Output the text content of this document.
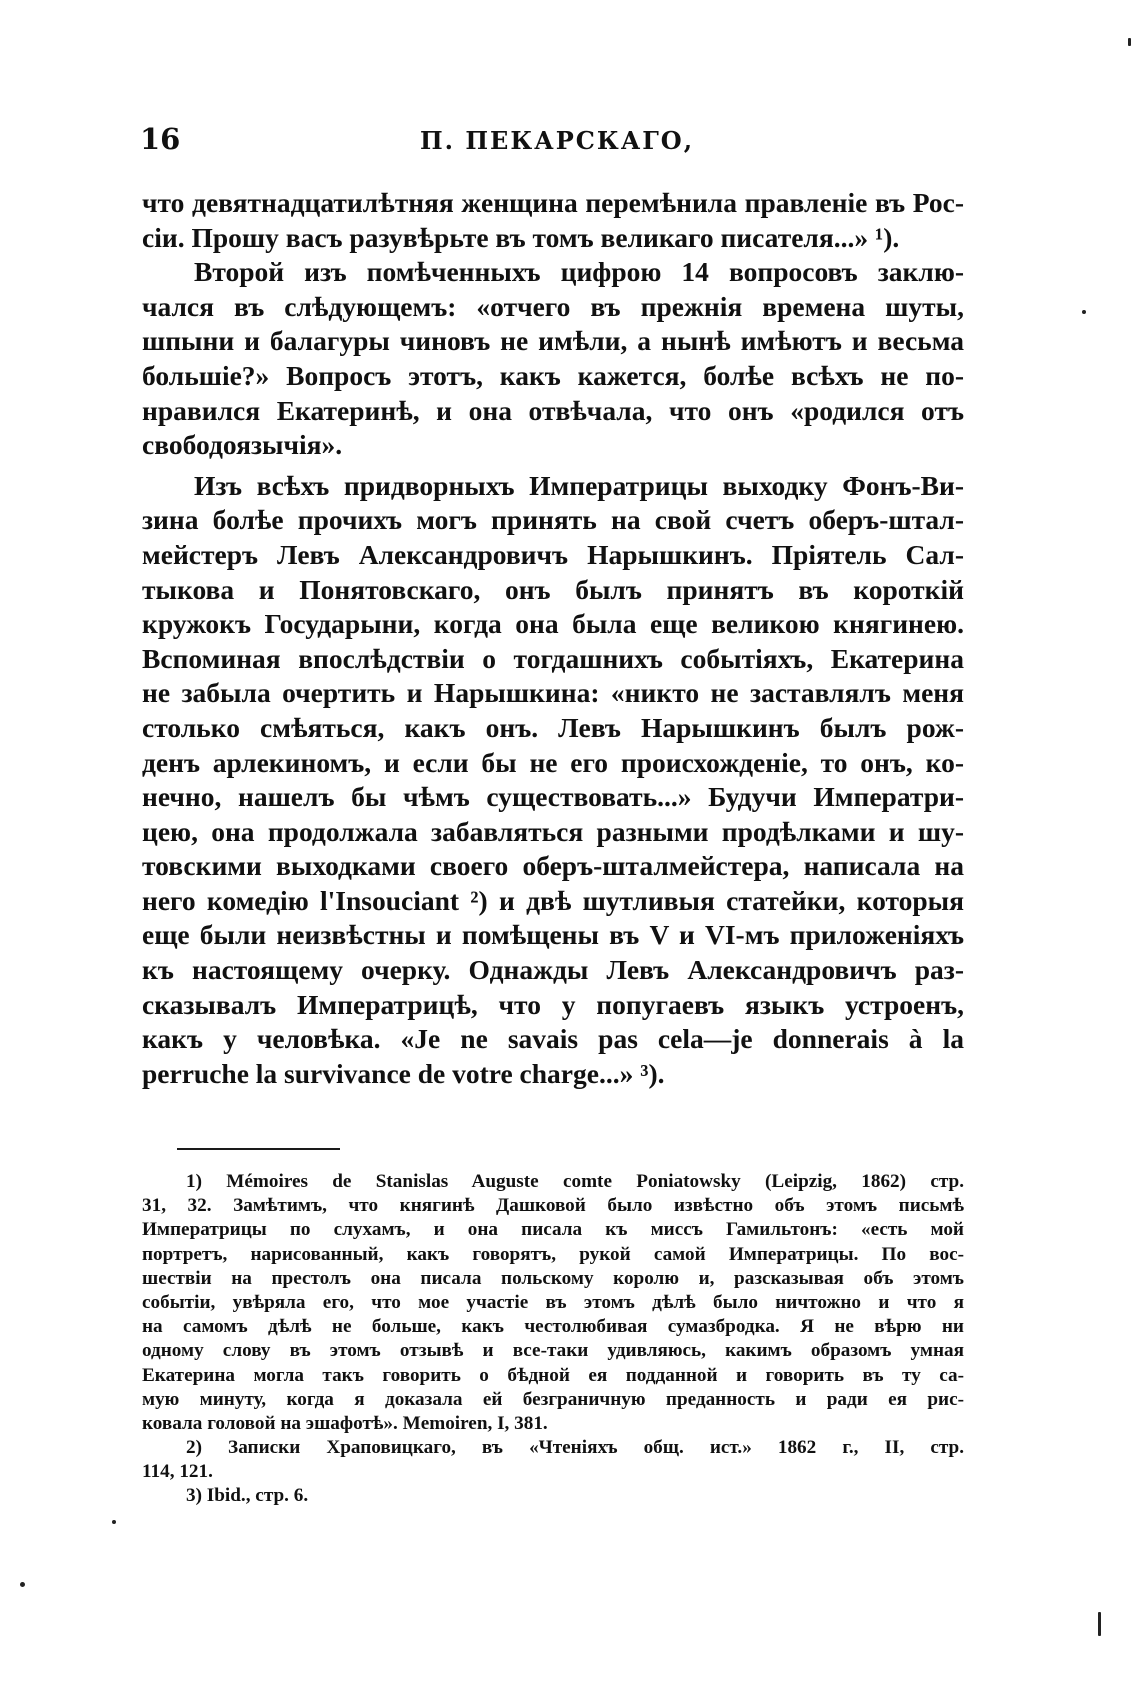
16	П. ПЕКАРСКАГО,
что девятнадцатилѣтняя женщина перемѣнила правленіе въ Рос-
сіи. Прошу васъ разувѣрьте въ томъ великаго писателя...» ¹).
Второй изъ помѣченныхъ цифрою 14 вопросовъ заклю-
чался въ слѣдующемъ: «отчего въ прежнія времена шуты,
шпыни и балагуры чиновъ не имѣли, а нынѣ имѣютъ и весьма
большіе?» Вопросъ этотъ, какъ кажется, болѣе всѣхъ не по-
нравился Екатеринѣ, и она отвѣчала, что онъ «родился отъ
свободоязычія».
Изъ всѣхъ придворныхъ Императрицы выходку Фонъ-Ви-
зина болѣе прочихъ могъ принять на свой счетъ оберъ-штал-
мейстеръ Левъ Александровичъ Нарышкинъ. Пріятель Сал-
тыкова и Понятовскаго, онъ былъ принятъ въ короткій
кружокъ Государыни, когда она была еще великою княгинею.
Вспоминая впослѣдствіи о тогдашнихъ событіяхъ, Екатерина
не забыла очертить и Нарышкина: «никто не заставлялъ меня
столько смѣяться, какъ онъ. Левъ Нарышкинъ былъ рож-
денъ арлекиномъ, и если бы не его происхожденіе, то онъ, ко-
нечно, нашелъ бы чѣмъ существовать...» Будучи Императри-
цею, она продолжала забавляться разными продѣлками и шу-
товскими выходками своего оберъ-шталмейстера, написала на
него комедію l'Insouciant ²) и двѣ шутливыя статейки, которыя
еще были неизвѣстны и помѣщены въ V и VI-мъ приложеніяхъ
къ настоящему очерку. Однажды Левъ Александровичъ раз-
сказывалъ Императрицѣ, что у попугаевъ языкъ устроенъ,
какъ у человѣка. «Je ne savais pas cela—je donnerais à la
perruche la survivance de votre charge...» ³).
1) Mémoires de Stanislas Auguste comte Poniatowsky (Leipzig, 1862) стр.
31, 32. Замѣтимъ, что княгинѣ Дашковой было извѣстно объ этомъ письмѣ
Императрицы по слухамъ, и она писала къ миссъ Гамильтонъ: «есть мой
портретъ, нарисованный, какъ говорятъ, рукой самой Императрицы. По вос-
шествіи на престолъ она писала польскому королю и, разсказывая объ этомъ
событіи, увѣряла его, что мое участіе въ этомъ дѣлѣ было ничтожно и что я
на самомъ дѣлѣ не больше, какъ честолюбивая сумазбродка. Я не вѣрю ни
одному слову въ этомъ отзывѣ и все-таки удивляюсь, какимъ образомъ умная
Екатерина могла такъ говорить о бѣдной ея подданной и говорить въ ту са-
мую минуту, когда я доказала ей безграничную преданность и ради ея рис-
ковала головой на эшафотѣ». Memoiren, I, 381.
2) Записки Храповицкаго, въ «Чтеніяхъ общ. ист.» 1862 г., II, стр.
114, 121.
3) Ibid., стр. 6.
